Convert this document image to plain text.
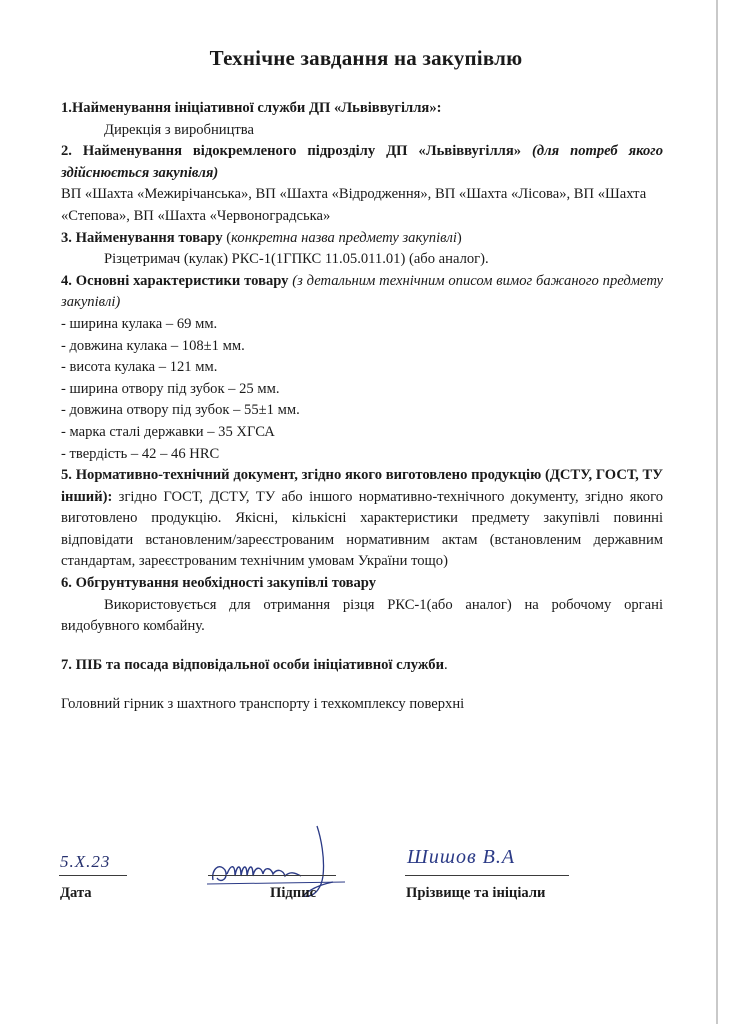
Технічне завдання на закупівлю

1.Найменування ініціативної служби ДП «Львіввугілля»:

Дирекція з виробництва

2. Найменування відокремленого підрозділу ДП «Львіввугілля» (для потреб якого здійснюється закупівля)

ВП «Шахта «Межирічанська», ВП «Шахта «Відродження», ВП «Шахта «Лісова», ВП «Шахта «Степова», ВП «Шахта «Червоноградська»

3. Найменування товару (конкретна назва предмету закупівлі)

Різцетримач (кулак) РКС-1(1ГПКС 11.05.011.01) (або аналог).

4. Основні характеристики товару (з детальним технічним описом вимог бажаного предмету закупівлі)

- ширина кулака – 69 мм.

- довжина кулака – 108±1 мм.

- висота кулака – 121 мм.

- ширина отвору під зубок – 25 мм.

- довжина отвору під зубок – 55±1 мм.

- марка сталі державки – 35 ХГСА

- твердість – 42 – 46 HRC

5. Нормативно-технічний документ, згідно якого виготовлено продукцію (ДСТУ, ГОСТ, ТУ інший): згідно ГОСТ, ДСТУ, ТУ або іншого нормативно-технічного документу, згідно якого виготовлено продукцію. Якісні, кількісні характеристики предмету закупівлі повинні відповідати встановленим/зареєстрованим нормативним актам (встановленим державним стандартам, зареєстрованим технічним умовам України тощо)

6. Обгрунтування необхідності закупівлі товару

Використовується для отримання різця РКС-1(або аналог) на робочому органі видобувного комбайну.

7. ПІБ та посада відповідальної особи ініціативної служби.

Головний гірник з шахтного транспорту і техкомплексу поверхні

5.X.23
Дата	Підпис
Шишов В.А
Прізвище та ініціали
